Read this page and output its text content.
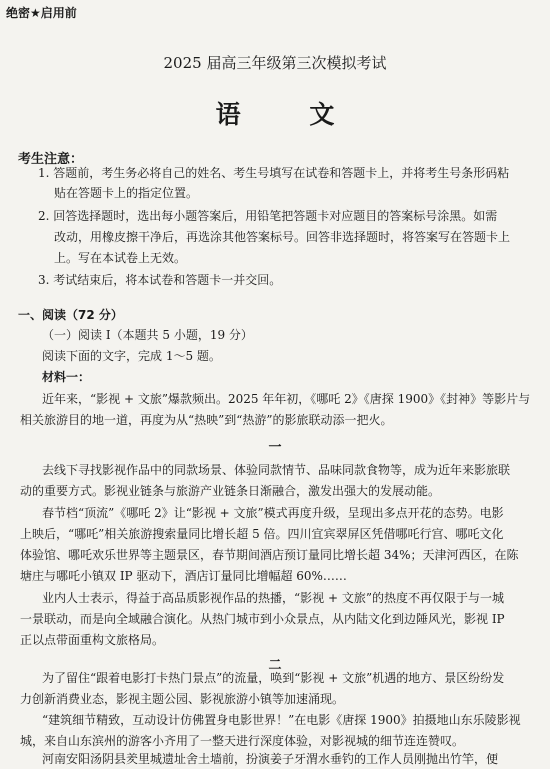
绝密★启用前
2025 届高三年级第三次模拟考试
语 文
考生注意：
1. 答题前，考生务必将自己的姓名、考生号填写在试卷和答题卡上，并将考生号条形码粘
贴在答题卡上的指定位置。
2. 回答选择题时，选出每小题答案后，用铅笔把答题卡对应题目的答案标号涂黑。如需
改动，用橡皮擦干净后，再选涂其他答案标号。回答非选择题时，将答案写在答题卡上
上。写在本试卷上无效。
3. 考试结束后，将本试卷和答题卡一并交回。
一、阅读（72 分）
（一）阅读 I（本题共 5 小题，19 分）
阅读下面的文字，完成 1～5 题。
材料一：
近年来，“影视 + 文旅”爆款频出。2025 年年初，《哪吒 2》《唐探 1900》《封神》等影片与
相关旅游目的地一道，再度为从“热映”到“热游”的影旅联动添一把火。
一
去线下寻找影视作品中的同款场景、体验同款情节、品味同款食物等，成为近年来影旅联
动的重要方式。影视业链条与旅游产业链条日渐融合，激发出强大的发展动能。
春节档“顶流”《哪吒 2》让“影视 + 文旅”模式再度升级，呈现出多点开花的态势。电影
上映后，“哪吒”相关旅游搜索量同比增长超 5 倍。四川宜宾翠屏区凭借哪吒行宫、哪吒文化
体验馆、哪吒欢乐世界等主题景区，春节期间酒店预订量同比增长超 34%；天津河西区，在陈
塘庄与哪吒小镇双 IP 驱动下，酒店订量同比增幅超 60%……
业内人士表示，得益于高品质影视作品的热播，“影视 + 文旅”的热度不再仅限于与一城
一景联动，而是向全域融合演化。从热门城市到小众景点，从内陆文化到边陲风光，影视 IP
正以点带面重构文旅格局。
二
为了留住“跟着电影打卡热门景点”的流量，唤到“影视 + 文旅”机遇的地方、景区纷纷发
力创新消费业态，影视主题公园、影视旅游小镇等加速涌现。
“建筑细节精致，互动设计仿佛置身电影世界！”在电影《唐探 1900》拍摄地山东乐陵影视
城，来自山东滨州的游客小齐用了一整天进行深度体验，对影视城的细节连连赞叹。
河南安阳汤阴县羑里城遗址舍土墙前，扮演姜子牙渭水垂钓的工作人员刚抛出竹竿，便
